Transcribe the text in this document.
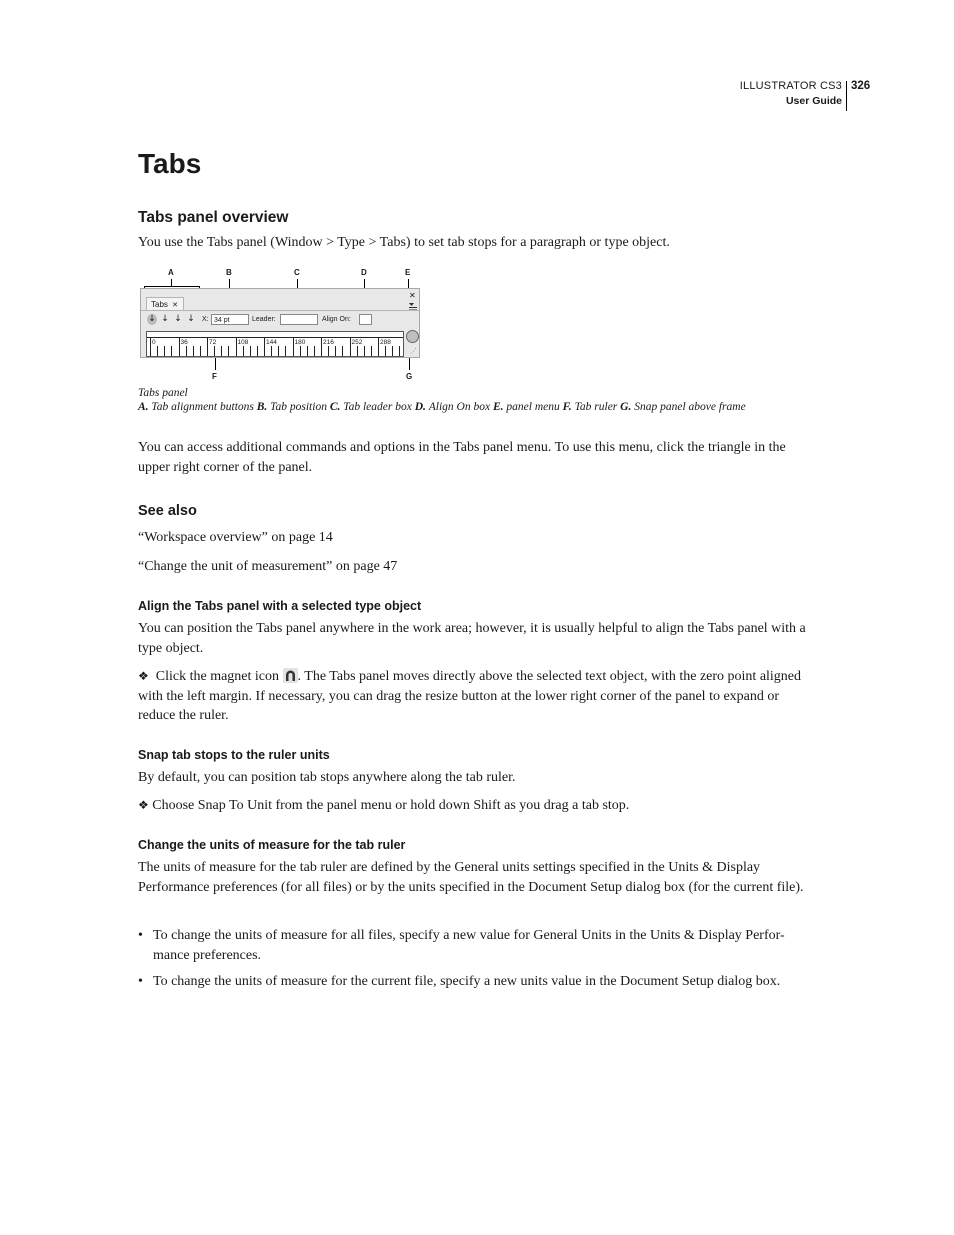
ILLUSTRATOR CS3
User Guide
326
Tabs
Tabs panel overview

You use the Tabs panel (Window > Type > Tabs) to set tab stops for a paragraph or type object.

A	B	C	D	E
F	G
Tabs ✕
✕
↓ ↓ ↓ ↓ X: 34 pt	Leader:	Align On:
0	36	72	108	144	180	216	252	288
⋰
Tabs panel
A. Tab alignment buttons B. Tab position C. Tab leader box D. Align On box E. panel menu F. Tab ruler G. Snap panel above frame

You can access additional commands and options in the Tabs panel menu. To use this menu, click the triangle in the upper right corner of the panel.

See also

“Workspace overview” on page 14

“Change the unit of measurement” on page 47

Align the Tabs panel with a selected type object

You can position the Tabs panel anywhere in the work area; however, it is usually helpful to align the Tabs panel with a type object.

❖ Click the magnet icon . The Tabs panel moves directly above the selected text object, with the zero point aligned with the left margin. If necessary, you can drag the resize button at the lower right corner of the panel to expand or reduce the ruler.

Snap tab stops to the ruler units

By default, you can position tab stops anywhere along the tab ruler.

❖ Choose Snap To Unit from the panel menu or hold down Shift as you drag a tab stop.

Change the units of measure for the tab ruler

The units of measure for the tab ruler are defined by the General units settings specified in the Units & Display Performance preferences (for all files) or by the units specified in the Document Setup dialog box (for the current file).

• To change the units of measure for all files, specify a new value for General Units in the Units & Display Perfor-mance preferences.
• To change the units of measure for the current file, specify a new units value in the Document Setup dialog box.
